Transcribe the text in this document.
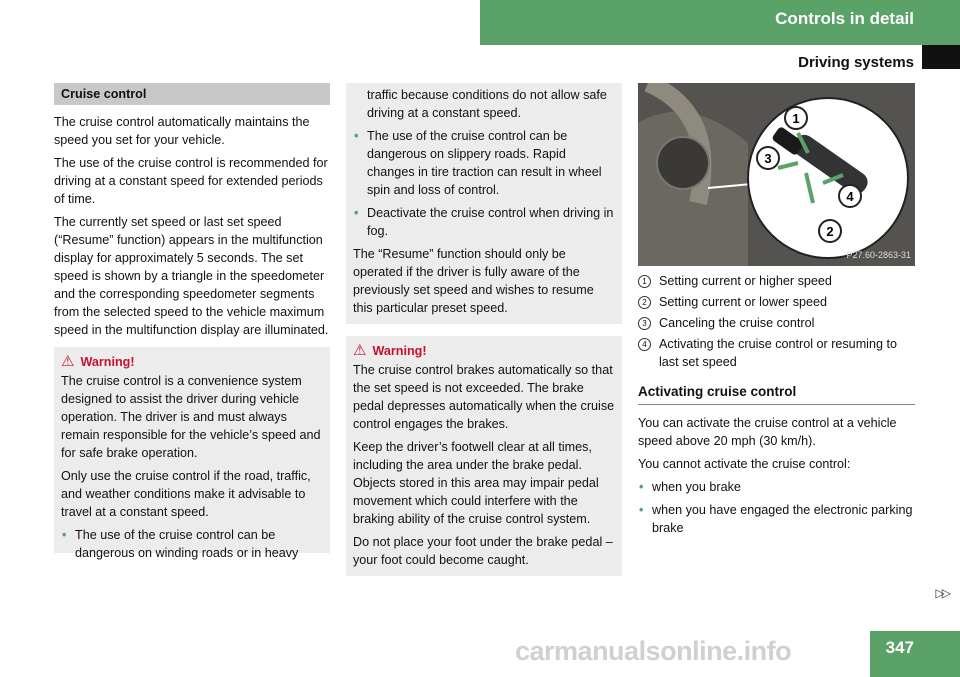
Controls in detail
Driving systems
Cruise control

The cruise control automatically maintains the speed you set for your vehicle.

The use of the cruise control is recommended for driving at a constant speed for extended periods of time.

The currently set speed or last set speed (“Resume” function) appears in the multifunction display for approximately 5 seconds. The set speed is shown by a triangle in the speedometer and the corresponding speedometer segments from the selected speed to the vehicle maximum speed in the multifunction display are illuminated.

⚠ Warning!

The cruise control is a convenience system designed to assist the driver during vehicle operation. The driver is and must always remain responsible for the vehicle’s speed and for safe brake operation.

Only use the cruise control if the road, traffic, and weather conditions make it advisable to travel at a constant speed.

• The use of the cruise control can be dangerous on winding roads or in heavy

traffic because conditions do not allow safe driving at a constant speed.

• The use of the cruise control can be dangerous on slippery roads. Rapid changes in tire traction can result in wheel spin and loss of control.
• Deactivate the cruise control when driving in fog.

The “Resume” function should only be operated if the driver is fully aware of the previously set speed and wishes to resume this particular preset speed.

⚠ Warning!

The cruise control brakes automatically so that the set speed is not exceeded. The brake pedal depresses automatically when the cruise control engages the brakes.

Keep the driver’s footwell clear at all times, including the area under the brake pedal. Objects stored in this area may impair pedal movement which could interfere with the braking ability of the cruise control system.

Do not place your foot under the brake pedal – your foot could become caught.

1
2
3
4
P27.60-2863-31
1 Setting current or higher speed
2 Setting current or lower speed
3 Canceling the cruise control
4 Activating the cruise control or resuming to last set speed
Activating cruise control

You can activate the cruise control at a vehicle speed above 20 mph (30 km/h).

You cannot activate the cruise control:

• when you brake
• when you have engaged the electronic parking brake
▷▷
347
carmanualsonline.info
